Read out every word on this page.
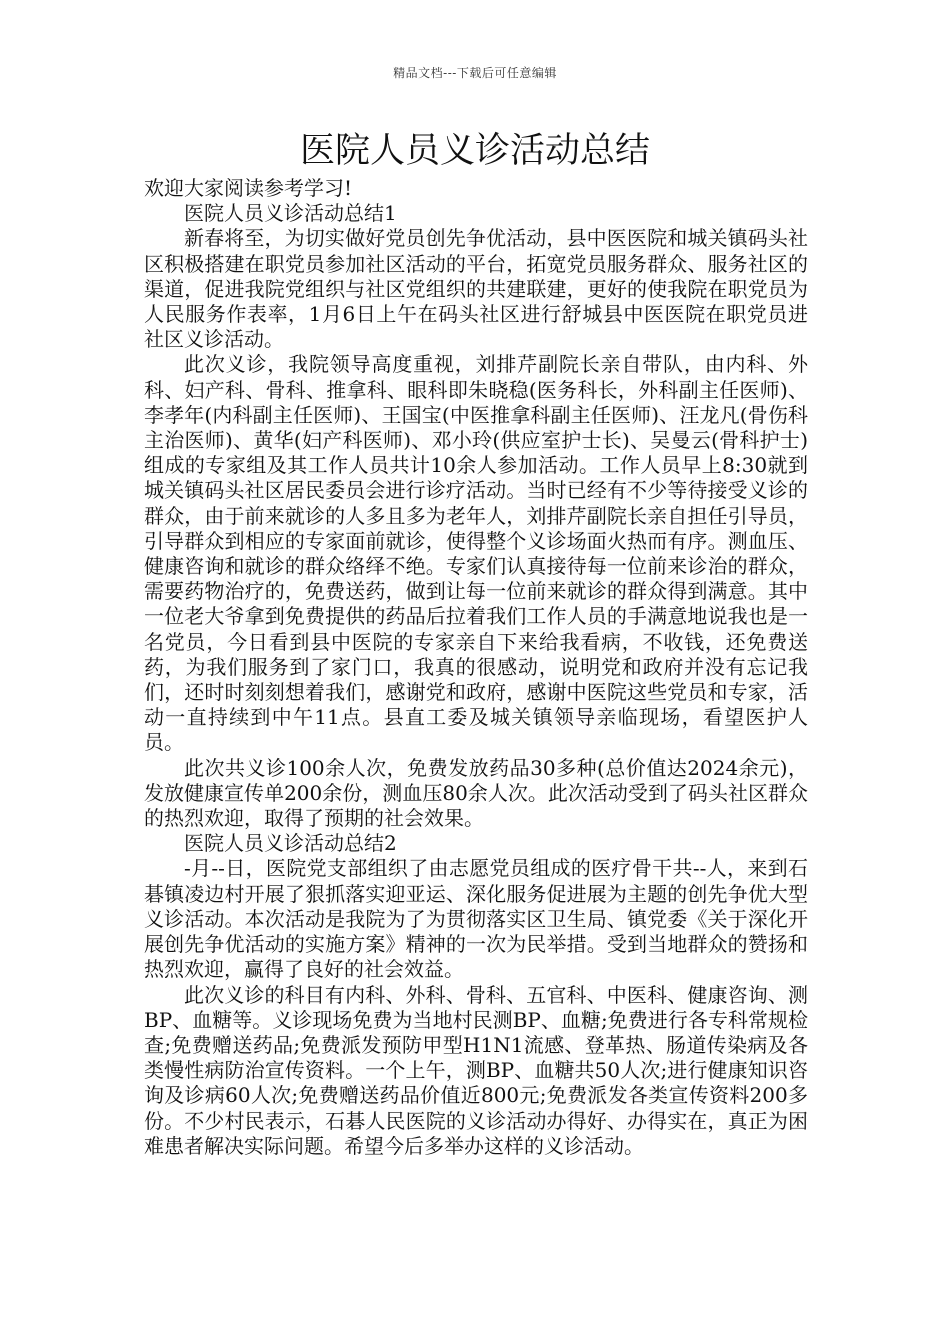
精品文档---下载后可任意编辑
医院人员义诊活动总结

欢迎大家阅读参考学习!

医院人员义诊活动总结1

新春将至，为切实做好党员创先争优活动，县中医医院和城关镇码头社区积极搭建在职党员参加社区活动的平台，拓宽党员服务群众、服务社区的渠道，促进我院党组织与社区党组织的共建联建，更好的使我院在职党员为人民服务作表率，1月6日上午在码头社区进行舒城县中医医院在职党员进社区义诊活动。

此次义诊，我院领导高度重视，刘排芹副院长亲自带队，由内科、外科、妇产科、骨科、推拿科、眼科即朱晓稳(医务科长，外科副主任医师)、李孝年(内科副主任医师)、王国宝(中医推拿科副主任医师)、汪龙凡(骨伤科主治医师)、黄华(妇产科医师)、邓小玲(供应室护士长)、吴曼云(骨科护士)组成的专家组及其工作人员共计10余人参加活动。工作人员早上8:30就到城关镇码头社区居民委员会进行诊疗活动。当时已经有不少等待接受义诊的群众，由于前来就诊的人多且多为老年人，刘排芹副院长亲自担任引导员，引导群众到相应的专家面前就诊，使得整个义诊场面火热而有序。测血压、健康咨询和就诊的群众络绎不绝。专家们认真接待每一位前来诊治的群众，需要药物治疗的，免费送药，做到让每一位前来就诊的群众得到满意。其中一位老大爷拿到免费提供的药品后拉着我们工作人员的手满意地说我也是一名党员，今日看到县中医院的专家亲自下来给我看病，不收钱，还免费送药，为我们服务到了家门口，我真的很感动，说明党和政府并没有忘记我们，还时时刻刻想着我们，感谢党和政府，感谢中医院这些党员和专家，活动一直持续到中午11点。县直工委及城关镇领导亲临现场，看望医护人员。

此次共义诊100余人次，免费发放药品30多种(总价值达2024余元)，发放健康宣传单200余份，测血压80余人次。此次活动受到了码头社区群众的热烈欢迎，取得了预期的社会效果。

医院人员义诊活动总结2

-月--日，医院党支部组织了由志愿党员组成的医疗骨干共--人，来到石碁镇凌边村开展了狠抓落实迎亚运、深化服务促进展为主题的创先争优大型义诊活动。本次活动是我院为了为贯彻落实区卫生局、镇党委《关于深化开展创先争优活动的实施方案》精神的一次为民举措。受到当地群众的赞扬和热烈欢迎，赢得了良好的社会效益。

此次义诊的科目有内科、外科、骨科、五官科、中医科、健康咨询、测BP、血糖等。义诊现场免费为当地村民测BP、血糖;免费进行各专科常规检查;免费赠送药品;免费派发预防甲型H1N1流感、登革热、肠道传染病及各类慢性病防治宣传资料。一个上午，测BP、血糖共50人次;进行健康知识咨询及诊病60人次;免费赠送药品价值近800元;免费派发各类宣传资料200多份。不少村民表示，石碁人民医院的义诊活动办得好、办得实在，真正为困难患者解决实际问题。希望今后多举办这样的义诊活动。
